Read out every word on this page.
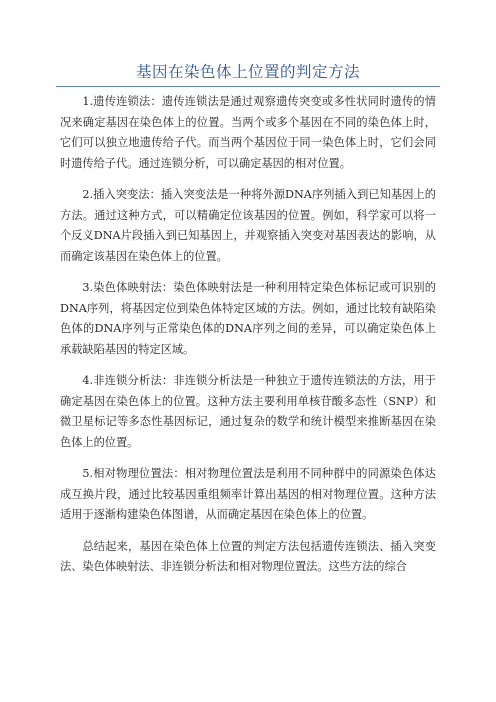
基因在染色体上位置的判定方法

1.遗传连锁法：遗传连锁法是通过观察遗传突变或多性状同时遗传的情况来确定基因在染色体上的位置。当两个或多个基因在不同的染色体上时，它们可以独立地遗传给子代。而当两个基因位于同一染色体上时，它们会同时遗传给子代。通过连锁分析，可以确定基因的相对位置。

2.插入突变法：插入突变法是一种将外源DNA序列插入到已知基因上的方法。通过这种方式，可以精确定位该基因的位置。例如，科学家可以将一个反义DNA片段插入到已知基因上，并观察插入突变对基因表达的影响，从而确定该基因在染色体上的位置。

3.染色体映射法：染色体映射法是一种利用特定染色体标记或可识别的DNA序列，将基因定位到染色体特定区域的方法。例如，通过比较有缺陷染色体的DNA序列与正常染色体的DNA序列之间的差异，可以确定染色体上承载缺陷基因的特定区域。

4.非连锁分析法：非连锁分析法是一种独立于遗传连锁法的方法，用于确定基因在染色体上的位置。这种方法主要利用单核苷酸多态性（SNP）和微卫星标记等多态性基因标记，通过复杂的数学和统计模型来推断基因在染色体上的位置。

5.相对物理位置法：相对物理位置法是利用不同种群中的同源染色体达成互换片段，通过比较基因重组频率计算出基因的相对物理位置。这种方法适用于逐渐构建染色体图谱，从而确定基因在染色体上的位置。

总结起来，基因在染色体上位置的判定方法包括遗传连锁法、插入突变法、染色体映射法、非连锁分析法和相对物理位置法。这些方法的综合
